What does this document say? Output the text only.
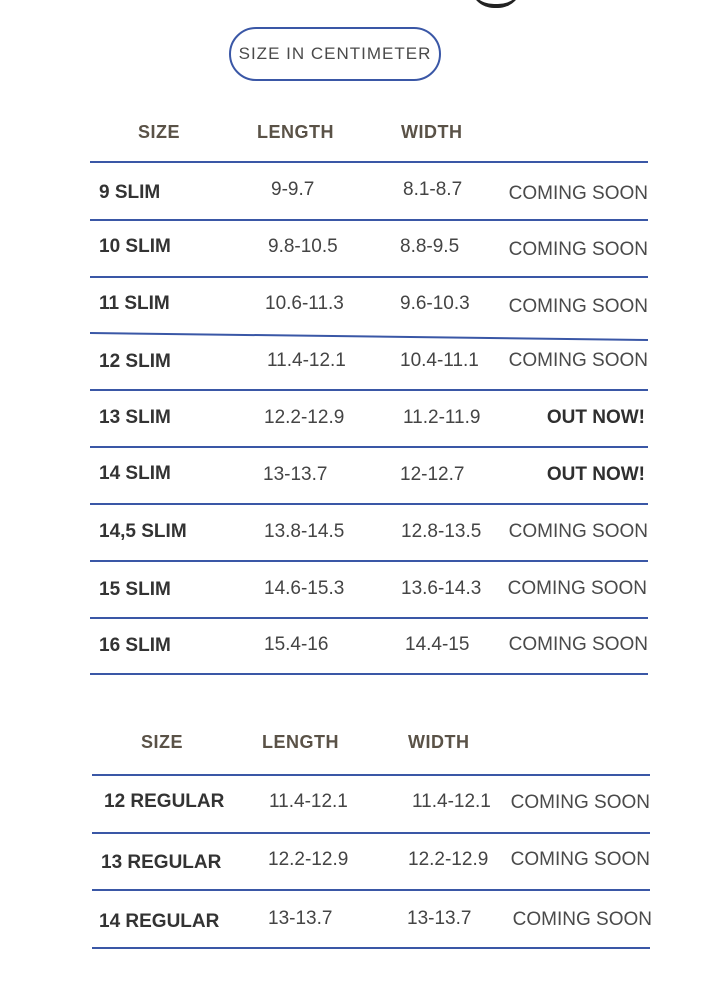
SIZE IN CENTIMETER
SIZE	LENGTH	WIDTH
9 SLIM	9-9.7	8.1-8.7 COMING SOON
10 SLIM	9.8-10.5	8.8-9.5	COMING SOON
11 SLIM	10.6-11.3	9.6-10.3 COMING SOON
12 SLIM	11.4-12.1	10.4-11.1 COMING SOON
13 SLIM	12.2-12.9	11.2-11.9	OUT NOW!
14 SLIM	13-13.7	12-12.7	OUT NOW!
14,5 SLIM	13.8-14.5	12.8-13.5 COMING SOON
15 SLIM	14.6-15.3	13.6-14.3 COMING SOON
16 SLIM	15.4-16	14.4-15 COMING SOON
SIZE	LENGTH	WIDTH
12 REGULAR 11.4-12.1	11.4-12.1 COMING SOON
13 REGULAR 12.2-12.9	12.2-12.9 COMING SOON
14 REGULAR	13-13.7	13-13.7 COMING SOON
